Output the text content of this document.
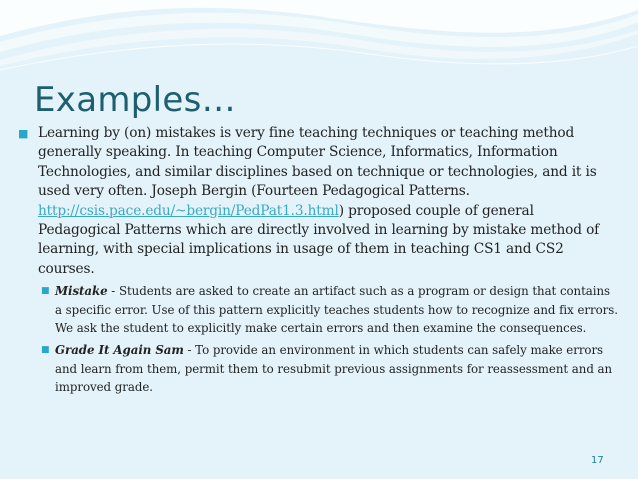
Examples…
■ Learning by (on) mistakes is very fine teaching techniques or teaching method generally speaking. In teaching Computer Science, Informatics, Information Technologies, and similar disciplines based on technique or technologies, and it is used very often. Joseph Bergin (Fourteen Pedagogical Patterns. http://csis.pace.edu/~bergin/PedPat1.3.html) proposed couple of general Pedagogical Patterns which are directly involved in learning by mistake method of learning, with special implications in usage of them in teaching CS1 and CS2 courses.
■ Mistake - Students are asked to create an artifact such as a program or design that contains a specific error. Use of this pattern explicitly teaches students how to recognize and fix errors. We ask the student to explicitly make certain errors and then examine the consequences.
■ Grade It Again Sam - To provide an environment in which students can safely make errors and learn from them, permit them to resubmit previous assignments for reassessment and an improved grade.
17
